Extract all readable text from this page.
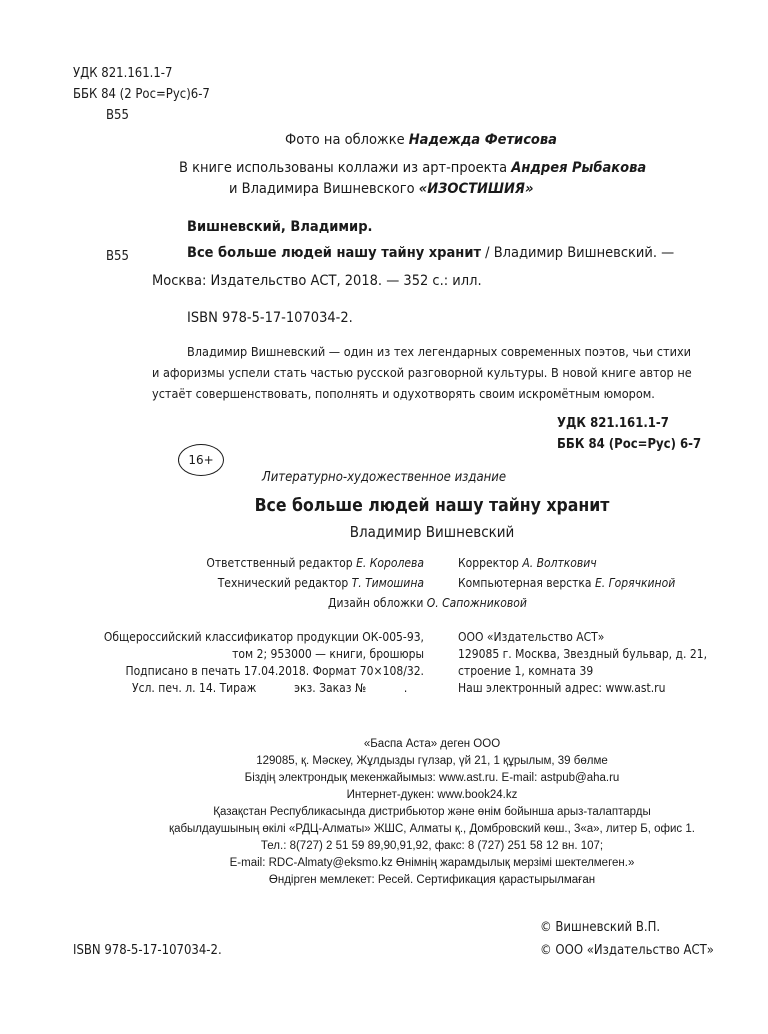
УДК 821.161.1-7
ББК 84 (2 Рос=Рус)6-7
В55
Фото на обложке Надежда Фетисова
В книге использованы коллажи из арт-проекта Андрея Рыбакова
и Владимира Вишневского «ИЗОСТИШИЯ»
Вишневский, Владимир.
В55	Все больше людей нашу тайну хранит / Владимир Вишневский. —
Москва: Издательство АСТ, 2018. — 352 с.: илл.
ISBN 978-5-17-107034-2.
Владимир Вишневский — один из тех легендарных современных поэтов, чьи стихи
и афоризмы успели стать частью русской разговорной культуры. В новой книге автор не
устаёт совершенствовать, пополнять и одухотворять своим искромётным юмором.
УДК 821.161.1-7
ББК 84 (Рос=Рус) 6-7
16+
Литературно-художественное издание
Все больше людей нашу тайну хранит
Владимир Вишневский
Ответственный редактор Е. Королева
Технический редактор Т. Тимошина
Корректор А. Волткович
Компьютерная верстка Е. Горячкиной
Дизайн обложки О. Сапожниковой
Общероссийский классификатор продукции ОК-005-93,
том 2; 953000 — книги, брошюры
Подписано в печать 17.04.2018. Формат 70×108/32.
Усл. печ. л. 14. Тираж           экз. Заказ №           .
ООО «Издательство АСТ»
129085 г. Москва, Звездный бульвар, д. 21,
строение 1, комната 39
Наш электронный адрес: www.ast.ru
«Баспа Аста» деген ООО
129085, қ. Мәскеу, Жұлдызды гүлзар, үй 21, 1 құрылым, 39 бөлме
Біздің электрондық мекенжайымыз: www.ast.ru. E-mail: astpub@aha.ru
Интернет-дукен: www.book24.kz
Қазақстан Республикасында дистрибьютор және өнім бойынша арыз-талаптарды
қабылдаушының өкілі «РДЦ-Алматы» ЖШС, Алматы қ., Домбровский көш., 3«а», литер Б, офис 1.
Тел.: 8(727) 2 51 59 89,90,91,92, факс: 8 (727) 251 58 12 вн. 107;
E-mail: RDC-Almaty@eksmo.kz Өнімнің жарамдылық мерзімі шектелмеген.»
Өндірген мемлекет: Ресей. Сертификация қарастырылмаған
© Вишневский В.П.
© ООО «Издательство АСТ»
ISBN 978-5-17-107034-2.
